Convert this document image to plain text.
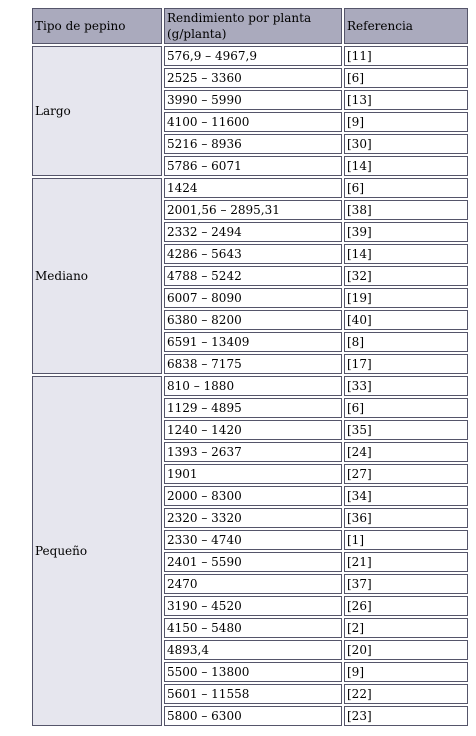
Tipo de pepino	Rendimiento por planta (g/planta)	Referencia
Largo	576,9 – 4967,9	[11]
	2525 – 3360	[6]
	3990 – 5990	[13]
	4100 – 11600	[9]
	5216 – 8936	[30]
	5786 – 6071	[14]
Mediano	1424	[6]
	2001,56 – 2895,31	[38]
	2332 – 2494	[39]
	4286 – 5643	[14]
	4788 – 5242	[32]
	6007 – 8090	[19]
	6380 – 8200	[40]
	6591 – 13409	[8]
	6838 – 7175	[17]
Pequeño	810 – 1880	[33]
	1129 – 4895	[6]
	1240 – 1420	[35]
	1393 – 2637	[24]
	1901	[27]
	2000 – 8300	[34]
	2320 – 3320	[36]
	2330 – 4740	[1]
	2401 – 5590	[21]
	2470	[37]
	3190 – 4520	[26]
	4150 – 5480	[2]
	4893,4	[20]
	5500 – 13800	[9]
	5601 – 11558	[22]
	5800 – 6300	[23]
